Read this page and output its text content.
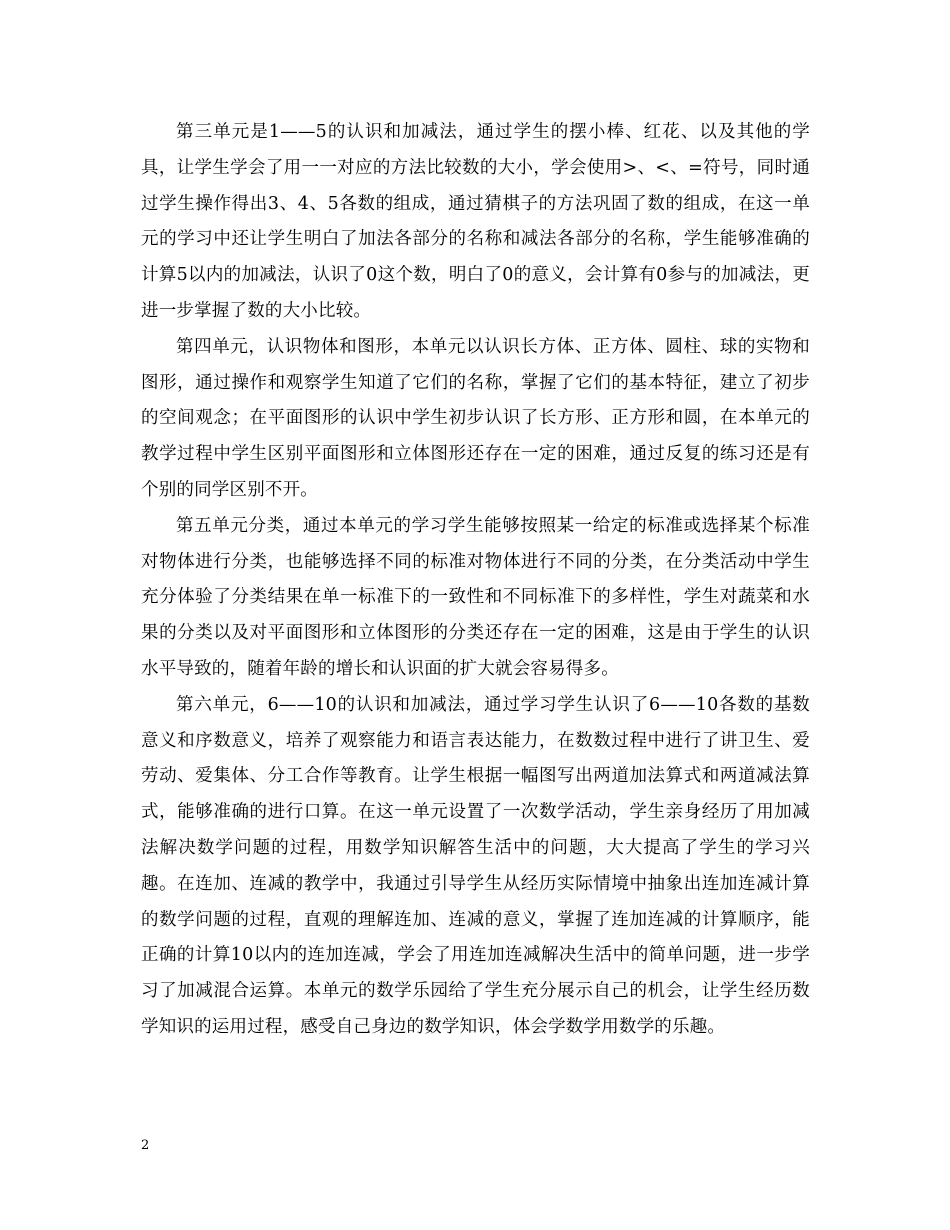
第三单元是1——5的认识和加减法，通过学生的摆小棒、红花、以及其他的学具，让学生学会了用一一对应的方法比较数的大小，学会使用>、<、=符号，同时通过学生操作得出3、4、5各数的组成，通过猜棋子的方法巩固了数的组成，在这一单元的学习中还让学生明白了加法各部分的名称和减法各部分的名称，学生能够准确的计算5以内的加减法，认识了0这个数，明白了0的意义，会计算有0参与的加减法，更进一步掌握了数的大小比较。

第四单元，认识物体和图形，本单元以认识长方体、正方体、圆柱、球的实物和图形，通过操作和观察学生知道了它们的名称，掌握了它们的基本特征，建立了初步的空间观念；在平面图形的认识中学生初步认识了长方形、正方形和圆，在本单元的教学过程中学生区别平面图形和立体图形还存在一定的困难，通过反复的练习还是有个别的同学区别不开。

第五单元分类，通过本单元的学习学生能够按照某一给定的标准或选择某个标准对物体进行分类，也能够选择不同的标准对物体进行不同的分类，在分类活动中学生充分体验了分类结果在单一标准下的一致性和不同标准下的多样性，学生对蔬菜和水果的分类以及对平面图形和立体图形的分类还存在一定的困难，这是由于学生的认识水平导致的，随着年龄的增长和认识面的扩大就会容易得多。

第六单元，6——10的认识和加减法，通过学习学生认识了6——10各数的基数意义和序数意义，培养了观察能力和语言表达能力，在数数过程中进行了讲卫生、爱劳动、爱集体、分工合作等教育。让学生根据一幅图写出两道加法算式和两道减法算式，能够准确的进行口算。在这一单元设置了一次数学活动，学生亲身经历了用加减法解决数学问题的过程，用数学知识解答生活中的问题，大大提高了学生的学习兴趣。在连加、连减的教学中，我通过引导学生从经历实际情境中抽象出连加连减计算的数学问题的过程，直观的理解连加、连减的意义，掌握了连加连减的计算顺序，能正确的计算10以内的连加连减，学会了用连加连减解决生活中的简单问题，进一步学习了加减混合运算。本单元的数学乐园给了学生充分展示自己的机会，让学生经历数学知识的运用过程，感受自己身边的数学知识，体会学数学用数学的乐趣。

2
